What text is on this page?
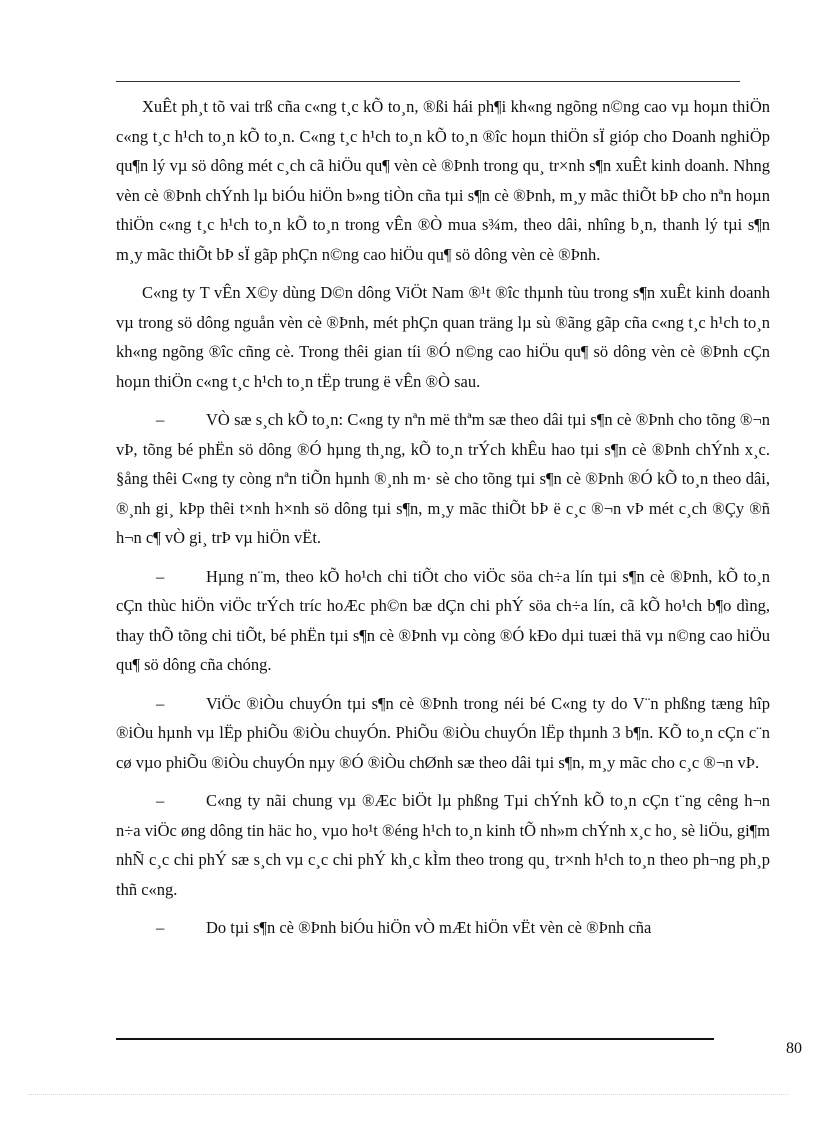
XuÊt ph¸t tõ vai trß cña c«ng t¸c kÕ to¸n, ®ßi hái ph¶i kh«ng ngõng n©ng cao vµ hoµn thiÖn c«ng t¸c h¹ch to¸n kÕ to¸n. C«ng t¸c h¹ch to¸n kÕ to¸n ®îc hoµn thiÖn sÏ gióp cho Doanh nghiÖp qu¶n lý vµ sö dông mét c¸ch cã hiÖu qu¶ vèn cè ®Þnh trong qu¸ tr×nh s¶n xuÊt kinh doanh. Nhng vèn cè ®Þnh chÝnh lµ biÓu hiÖn b»ng tiÒn cña tµi s¶n cè ®Þnh, m¸y mãc thiÕt bÞ cho nªn hoµn thiÖn c«ng t¸c h¹ch to¸n kÕ to¸n trong vÊn ®Ò mua s¾m, theo dâi, nhîng b¸n, thanh lý tµi s¶n m¸y mãc thiÕt bÞ sÏ gãp phÇn n©ng cao hiÖu qu¶ sö dông vèn cè ®Þnh.

C«ng ty T vÊn X©y dùng D©n dông ViÖt Nam ®¹t ®îc thµnh tùu trong s¶n xuÊt kinh doanh vµ trong sö dông nguån vèn cè ®Þnh, mét phÇn quan träng lµ sù ®ãng gãp cña c«ng t¸c h¹ch to¸n kh«ng ngõng ®îc cñng cè. Trong thêi gian tíi ®Ó n©ng cao hiÖu qu¶ sö dông vèn cè ®Þnh cÇn hoµn thiÖn c«ng t¸c h¹ch to¸n tËp trung ë vÊn ®Ò sau.

–	VÒ sæ s¸ch kÕ to¸n: C«ng ty nªn më thªm sæ theo dâi tµi s¶n cè ®Þnh cho tõng ®¬n vÞ, tõng bé phËn sö dông ®Ó hµng th¸ng, kÕ to¸n trÝch khÊu hao tµi s¶n cè ®Þnh chÝnh x¸c. §ång thêi C«ng ty còng nªn tiÕn hµnh ®¸nh m· sè cho tõng tµi s¶n cè ®Þnh ®Ó kÕ to¸n theo dâi, ®¸nh gi¸ kÞp thêi t×nh h×nh sö dông tµi s¶n, m¸y mãc thiÕt bÞ ë c¸c ®¬n vÞ mét c¸ch ®Çy ®ñ h¬n c¶ vÒ gi¸ trÞ vµ hiÖn vËt.

–	Hµng n¨m, theo kÕ ho¹ch chi tiÕt cho viÖc söa ch÷a lín tµi s¶n cè ®Þnh, kÕ to¸n cÇn thùc hiÖn viÖc trÝch tríc hoÆc ph©n bæ dÇn chi phÝ söa ch÷a lín, cã kÕ ho¹ch b¶o dìng, thay thÕ tõng chi tiÕt, bé phËn tµi s¶n cè ®Þnh vµ còng ®Ó kÐo dµi tuæi thä vµ n©ng cao hiÖu qu¶ sö dông cña chóng.

–	ViÖc ®iÒu chuyÓn tµi s¶n cè ®Þnh trong néi bé C«ng ty do V¨n phßng tæng hîp ®iÒu hµnh vµ lËp phiÕu ®iÒu chuyÓn. PhiÕu ®iÒu chuyÓn lËp thµnh 3 b¶n. KÕ to¸n cÇn c¨n cø vµo phiÕu ®iÒu chuyÓn nµy ®Ó ®iÒu chØnh sæ theo dâi tµi s¶n, m¸y mãc cho c¸c ®¬n vÞ.

–	C«ng ty nãi chung vµ ®Æc biÖt lµ phßng Tµi chÝnh kÕ to¸n cÇn t¨ng cêng h¬n n÷a viÖc øng dông tin häc ho¸ vµo ho¹t ®éng h¹ch to¸n kinh tÕ nh»m chÝnh x¸c ho¸ sè liÖu, gi¶m nhÑ c¸c chi phÝ sæ s¸ch vµ c¸c chi phÝ kh¸c kÌm theo trong qu¸ tr×nh h¹ch to¸n theo ph¬ng ph¸p thñ c«ng.

–	Do tµi s¶n cè ®Þnh biÓu hiÖn vÒ mÆt hiÖn vËt vèn cè ®Þnh cña

80
